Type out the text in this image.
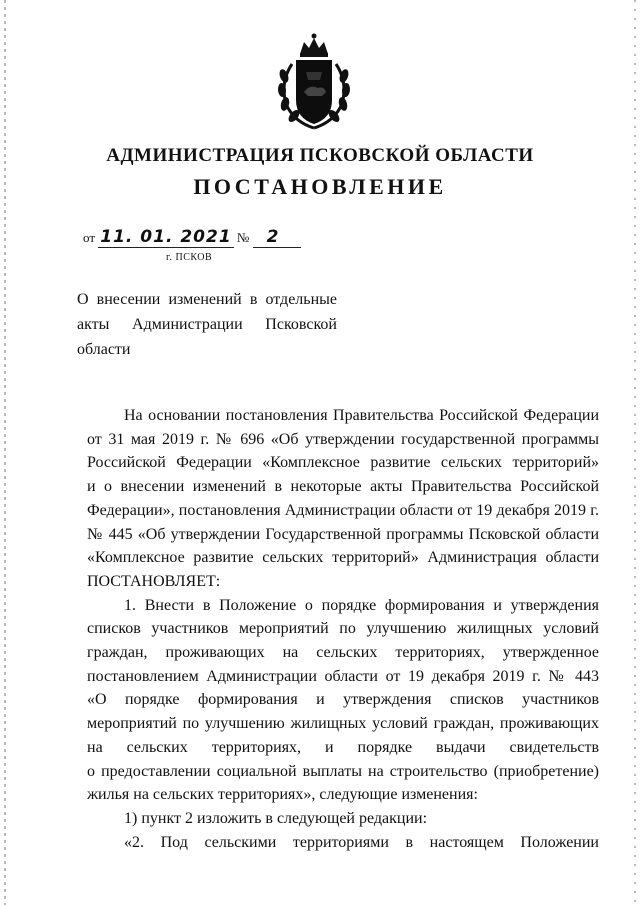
АДМИНИСТРАЦИЯ ПСКОВСКОЙ ОБЛАСТИ
ПОСТАНОВЛЕНИЕ
от 11. 01. 2021 № 2
г. ПСКОВ
О внесении изменений в отдельные
акты Администрации Псковской
области
На основании постановления Правительства Российской Федерации
от 31 мая 2019 г. № 696 «Об утверждении государственной программы
Российской Федерации «Комплексное развитие сельских территорий»
и о внесении изменений в некоторые акты Правительства Российской
Федерации», постановления Администрации области от 19 декабря 2019 г.
№ 445 «Об утверждении Государственной программы Псковской области
«Комплексное развитие сельских территорий» Администрация области
ПОСТАНОВЛЯЕТ:
1. Внести в Положение о порядке формирования и утверждения
списков участников мероприятий по улучшению жилищных условий
граждан, проживающих на сельских территориях, утвержденное
постановлением Администрации области от 19 декабря 2019 г. № 443
«О порядке формирования и утверждения списков участников
мероприятий по улучшению жилищных условий граждан, проживающих
на сельских территориях, и порядке выдачи свидетельств
о предоставлении социальной выплаты на строительство (приобретение)
жилья на сельских территориях», следующие изменения:
1) пункт 2 изложить в следующей редакции:
«2. Под сельскими территориями в настоящем Положении
